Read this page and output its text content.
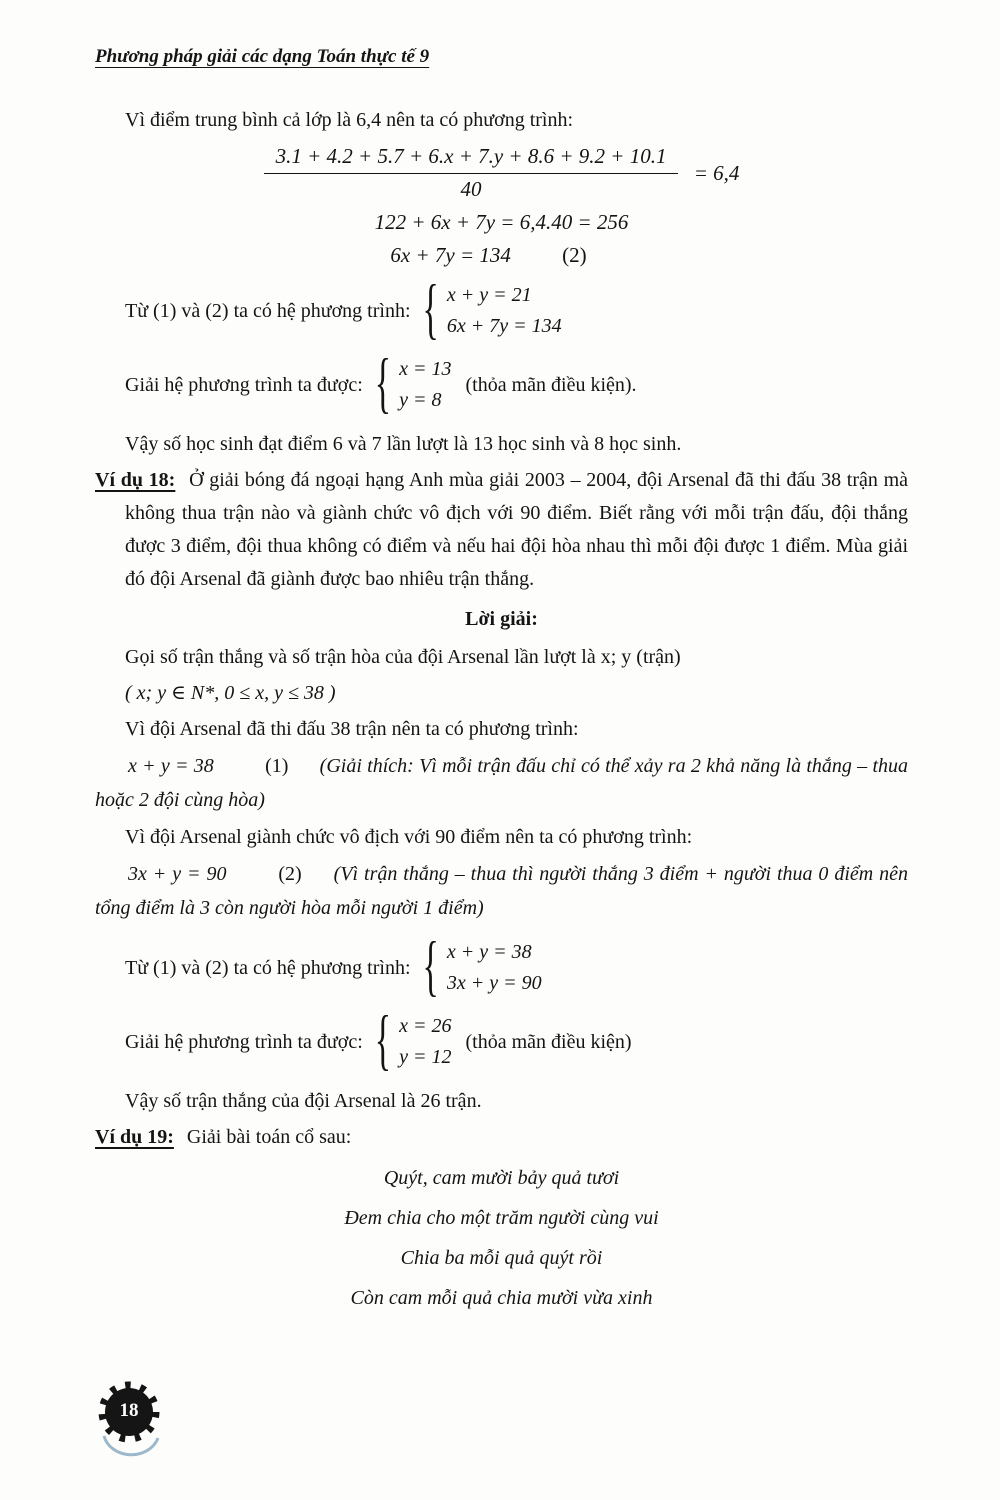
Phương pháp giải các dạng Toán thực tế 9

Vì điểm trung bình cả lớp là 6,4 nên ta có phương trình:

$\frac{3.1 + 4.2 + 5.7 + 6.x + 7.y + 8.6 + 9.2 + 10.1}{40} = 6,4$
122 + 6x + 7y = 6,4.40 = 256
6x + 7y = 134 (2)
Từ (1) và (2) ta có hệ phương trình: { x + y = 21
6x + 7y = 134
Giải hệ phương trình ta được: { x = 13
y = 8
(thỏa mãn điều kiện).

Vậy số học sinh đạt điểm 6 và 7 lần lượt là 13 học sinh và 8 học sinh.

Ví dụ 18: Ở giải bóng đá ngoại hạng Anh mùa giải 2003 – 2004, đội Arsenal đã thi đấu 38 trận mà không thua trận nào và giành chức vô địch với 90 điểm. Biết rằng với mỗi trận đấu, đội thắng được 3 điểm, đội thua không có điểm và nếu hai đội hòa nhau thì mỗi đội được 1 điểm. Mùa giải đó đội Arsenal đã giành được bao nhiêu trận thắng.

Lời giải:

Gọi số trận thắng và số trận hòa của đội Arsenal lần lượt là x; y (trận)

( x; y ∈ N*, 0 ≤ x, y ≤ 38 )

Vì đội Arsenal đã thi đấu 38 trận nên ta có phương trình:

x + y = 38	(1) (Giải thích: Vì mỗi trận đấu chỉ có thể xảy ra 2 khả năng là thắng – thua hoặc 2 đội cùng hòa)

Vì đội Arsenal giành chức vô địch với 90 điểm nên ta có phương trình:

3x + y = 90	(2) (Vì trận thắng – thua thì người thắng 3 điểm + người thua 0 điểm nên tổng điểm là 3 còn người hòa mỗi người 1 điểm)

Từ (1) và (2) ta có hệ phương trình: { x + y = 38
3x + y = 90
Giải hệ phương trình ta được: { x = 26
y = 12
(thỏa mãn điều kiện)

Vậy số trận thắng của đội Arsenal là 26 trận.

Ví dụ 19: Giải bài toán cổ sau:

Quýt, cam mười bảy quả tươi
Đem chia cho một trăm người cùng vui
Chia ba mỗi quả quýt rồi
Còn cam mỗi quả chia mười vừa xinh
18
